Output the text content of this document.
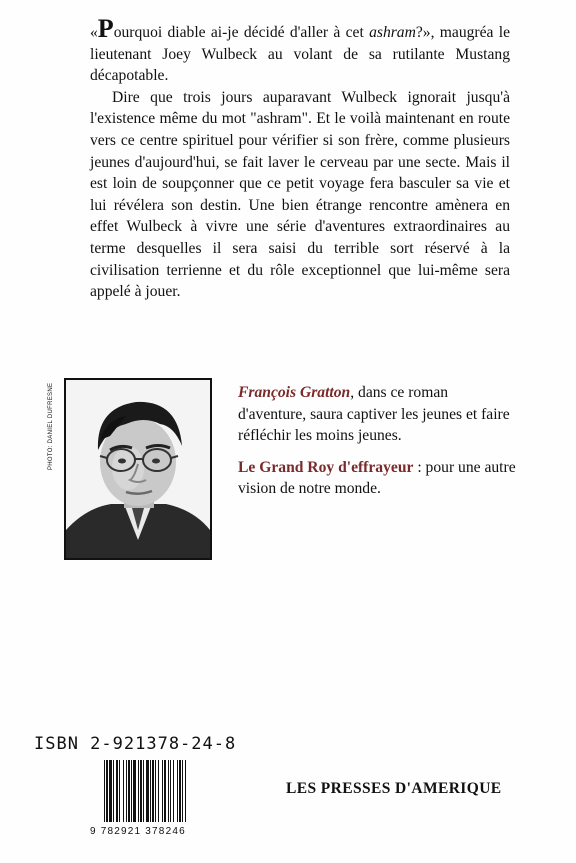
«Pourquoi diable ai-je décidé d'aller à cet ashram?», maugréa le lieutenant Joey Wulbeck au volant de sa rutilante Mustang décapotable.

Dire que trois jours auparavant Wulbeck ignorait jusqu'à l'existence même du mot "ashram". Et le voilà maintenant en route vers ce centre spirituel pour vérifier si son frère, comme plusieurs jeunes d'aujourd'hui, se fait laver le cerveau par une secte. Mais il est loin de soupçonner que ce petit voyage fera basculer sa vie et lui révélera son destin. Une bien étrange rencontre amènera en effet Wulbeck à vivre une série d'aventures extraordinaires au terme desquelles il sera saisi du terrible sort réservé à la civilisation terrienne et du rôle exceptionnel que lui-même sera appelé à jouer.

PHOTO: DANIEL DUFRESNE	François Gratton, dans ce roman d'aventure, saura captiver les jeunes et faire réfléchir les moins jeunes.

Le Grand Roy d'effrayeur : pour une autre vision de notre monde.

ISBN 2-921378-24-8
9 782921 378246
LES PRESSES D'AMERIQUE
